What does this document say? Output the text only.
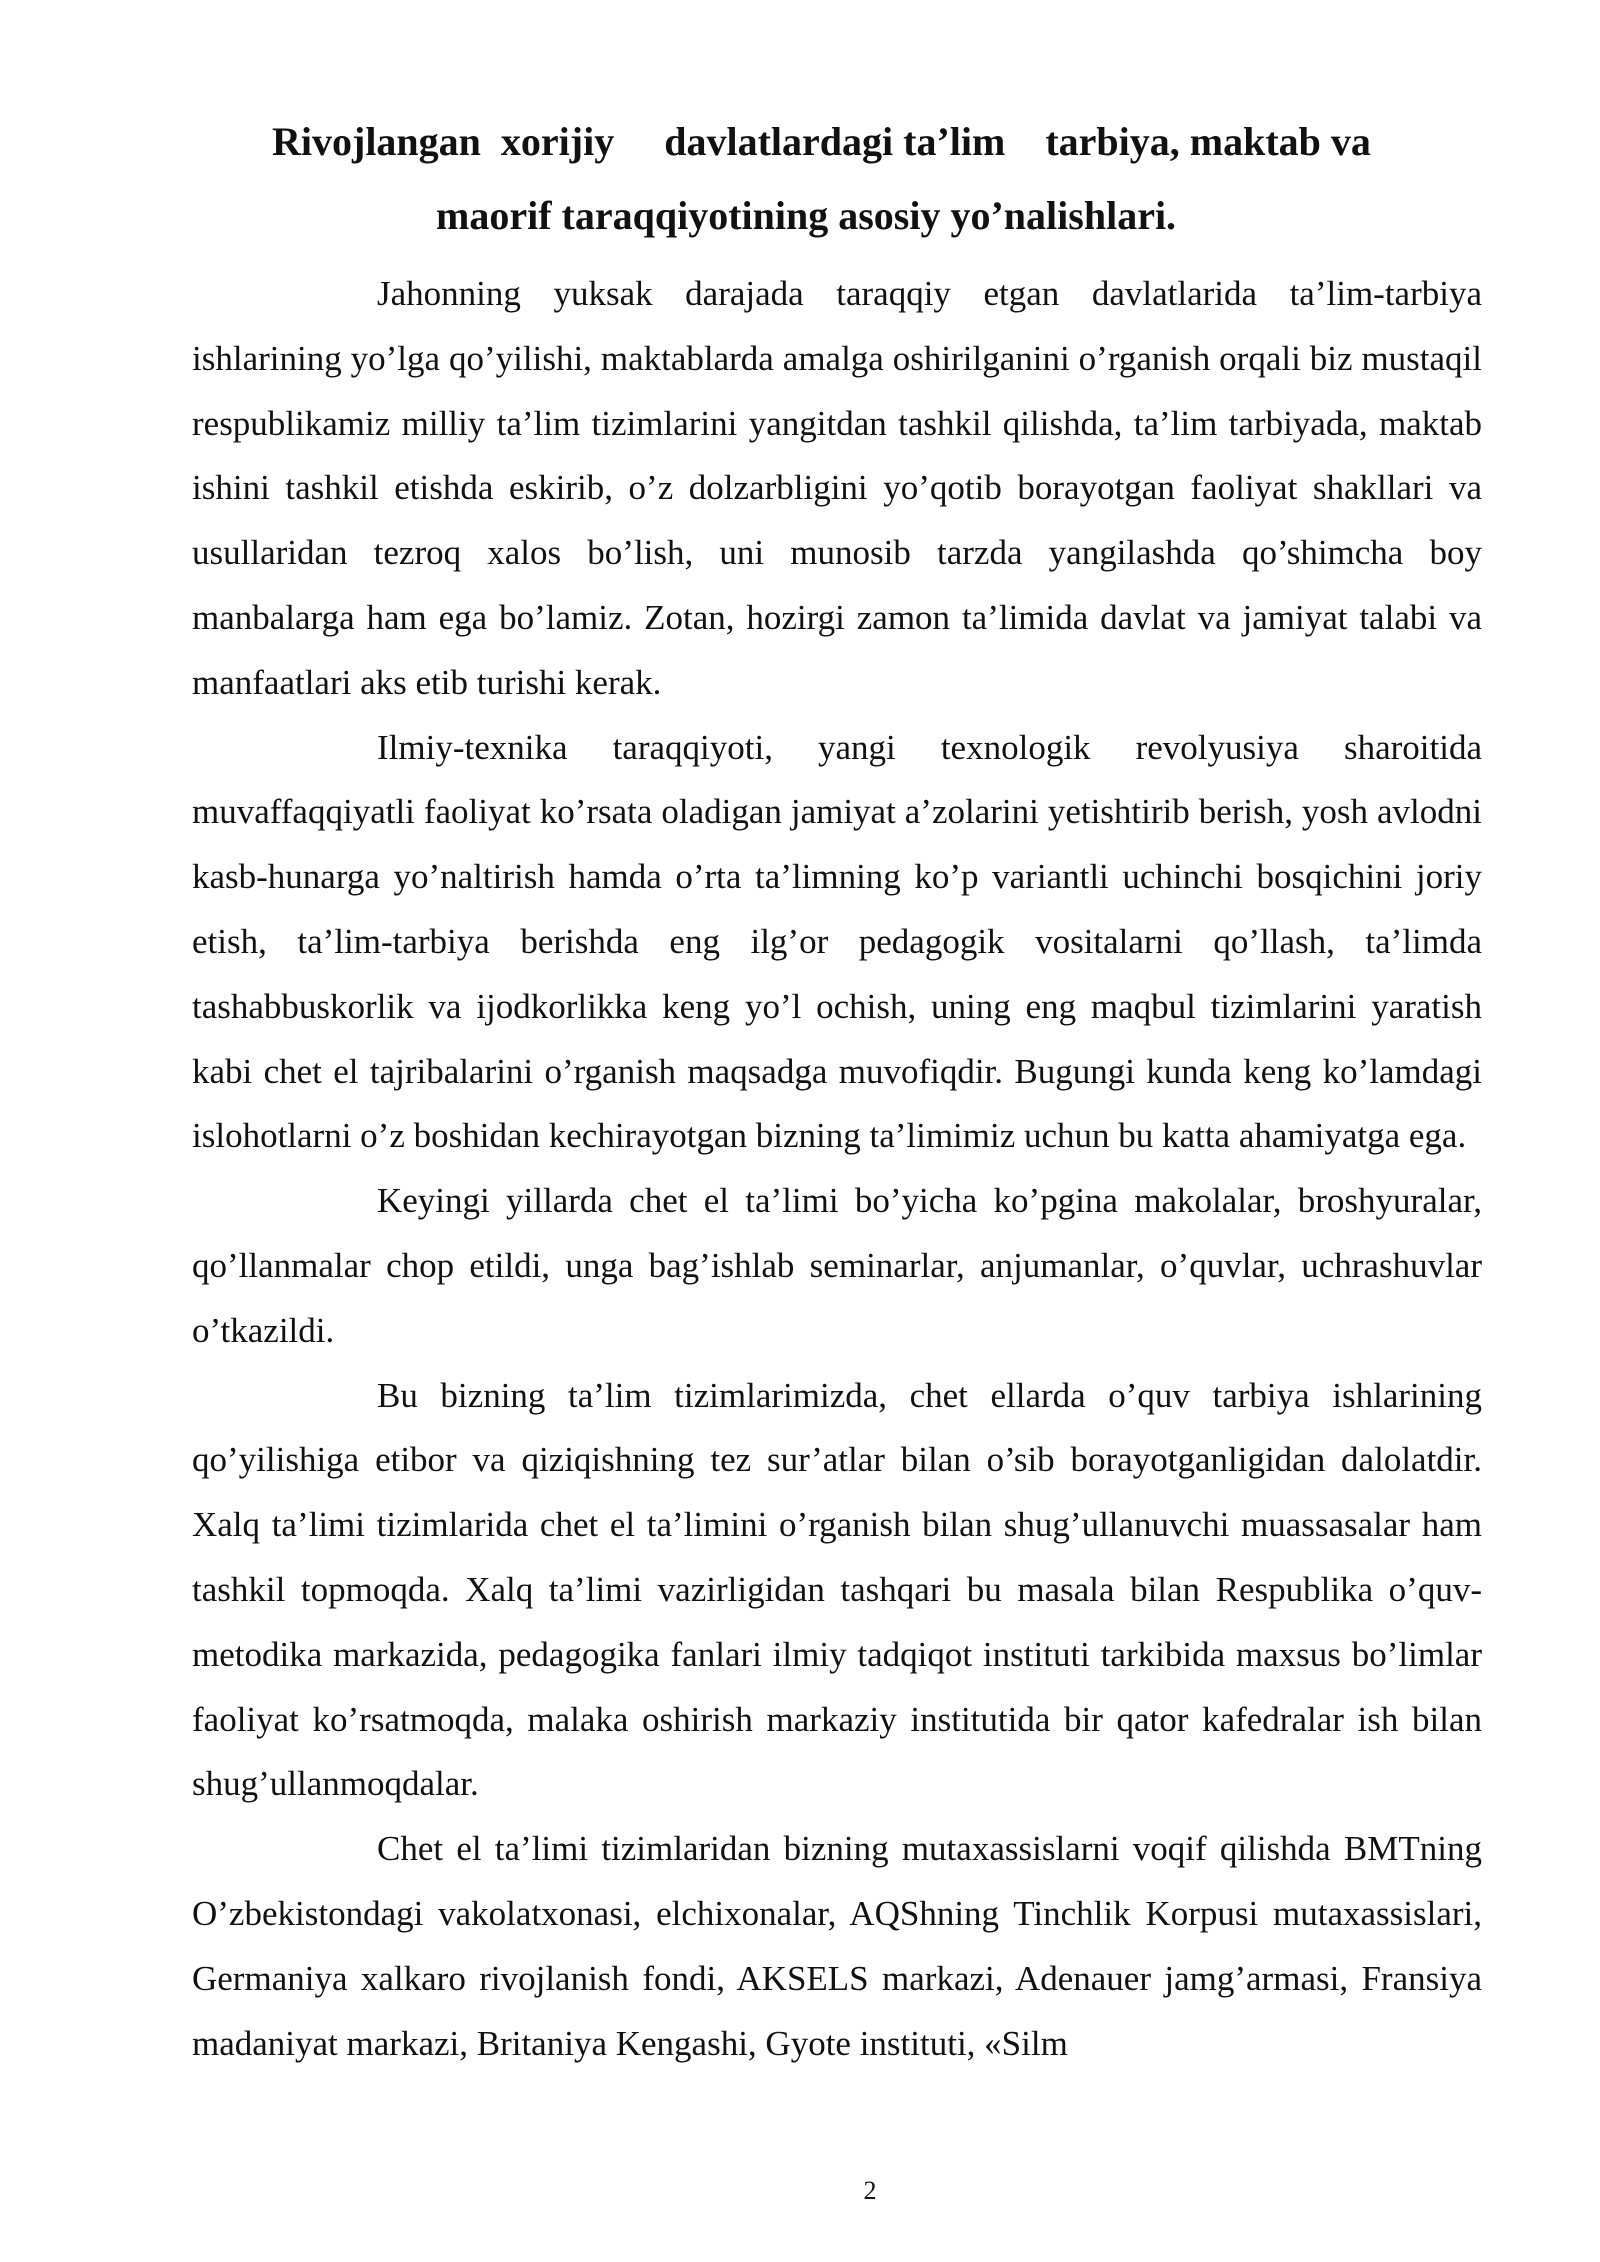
Rivojlangan  xorijiy     davlatlardagi ta’lim    tarbiya, maktab va
maorif taraqqiyotining asosiy yo’nalishlari.

Jahonning yuksak darajada taraqqiy etgan davlatlarida ta’lim-tarbiya ishlarining yo’lga qo’yilishi, maktablarda amalga oshirilganini o’rganish orqali biz mustaqil respublikamiz milliy ta’lim tizimlarini yangitdan tashkil qilishda, ta’lim tarbiyada, maktab ishini tashkil etishda eskirib, o’z dolzarbligini yo’qotib borayotgan faoliyat shakllari va usullaridan tezroq xalos bo’lish, uni munosib tarzda yangilashda qo’shimcha boy manbalarga ham ega bo’lamiz. Zotan, hozirgi zamon ta’limida davlat va jamiyat talabi va manfaatlari aks etib turishi kerak.

Ilmiy-texnika taraqqiyoti, yangi texnologik revolyusiya sharoitida muvaffaqqiyatli faoliyat ko’rsata oladigan jamiyat a’zolarini yetishtirib berish, yosh avlodni kasb-hunarga yo’naltirish hamda o’rta ta’limning ko’p variantli uchinchi bosqichini joriy etish, ta’lim-tarbiya berishda eng ilg’or pedagogik vositalarni qo’llash, ta’limda tashabbuskorlik va ijodkorlikka keng yo’l ochish, uning eng maqbul tizimlarini yaratish kabi chet el tajribalarini o’rganish maqsadga muvofiqdir. Bugungi kunda keng ko’lamdagi islohotlarni o’z boshidan kechirayotgan bizning ta’limimiz uchun bu katta ahamiyatga ega.

Keyingi yillarda chet el ta’limi bo’yicha ko’pgina makolalar, broshyuralar, qo’llanmalar chop etildi, unga bag’ishlab seminarlar, anjumanlar, o’quvlar, uchrashuvlar o’tkazildi.

Bu bizning ta’lim tizimlarimizda, chet ellarda o’quv tarbiya ishlarining qo’yilishiga etibor va qiziqishning tez sur’atlar bilan o’sib borayotganligidan dalolatdir. Xalq ta’limi tizimlarida chet el ta’limini o’rganish bilan shug’ullanuvchi muassasalar ham tashkil topmoqda. Xalq ta’limi vazirligidan tashqari bu masala bilan Respublika o’quv-metodika markazida, pedagogika fanlari ilmiy tadqiqot instituti tarkibida maxsus bo’limlar faoliyat ko’rsatmoqda, malaka oshirish markaziy institutida bir qator kafedralar ish bilan shug’ullanmoqdalar.

Chet el ta’limi tizimlaridan bizning mutaxassislarni voqif qilishda BMTning O’zbekistondagi vakolatxonasi, elchixonalar, AQShning Tinchlik Korpusi mutaxassislari, Germaniya xalkaro rivojlanish fondi, AKSELS markazi, Adenauer jamg’armasi, Fransiya madaniyat markazi, Britaniya Kengashi, Gyote instituti, «Silm

2
